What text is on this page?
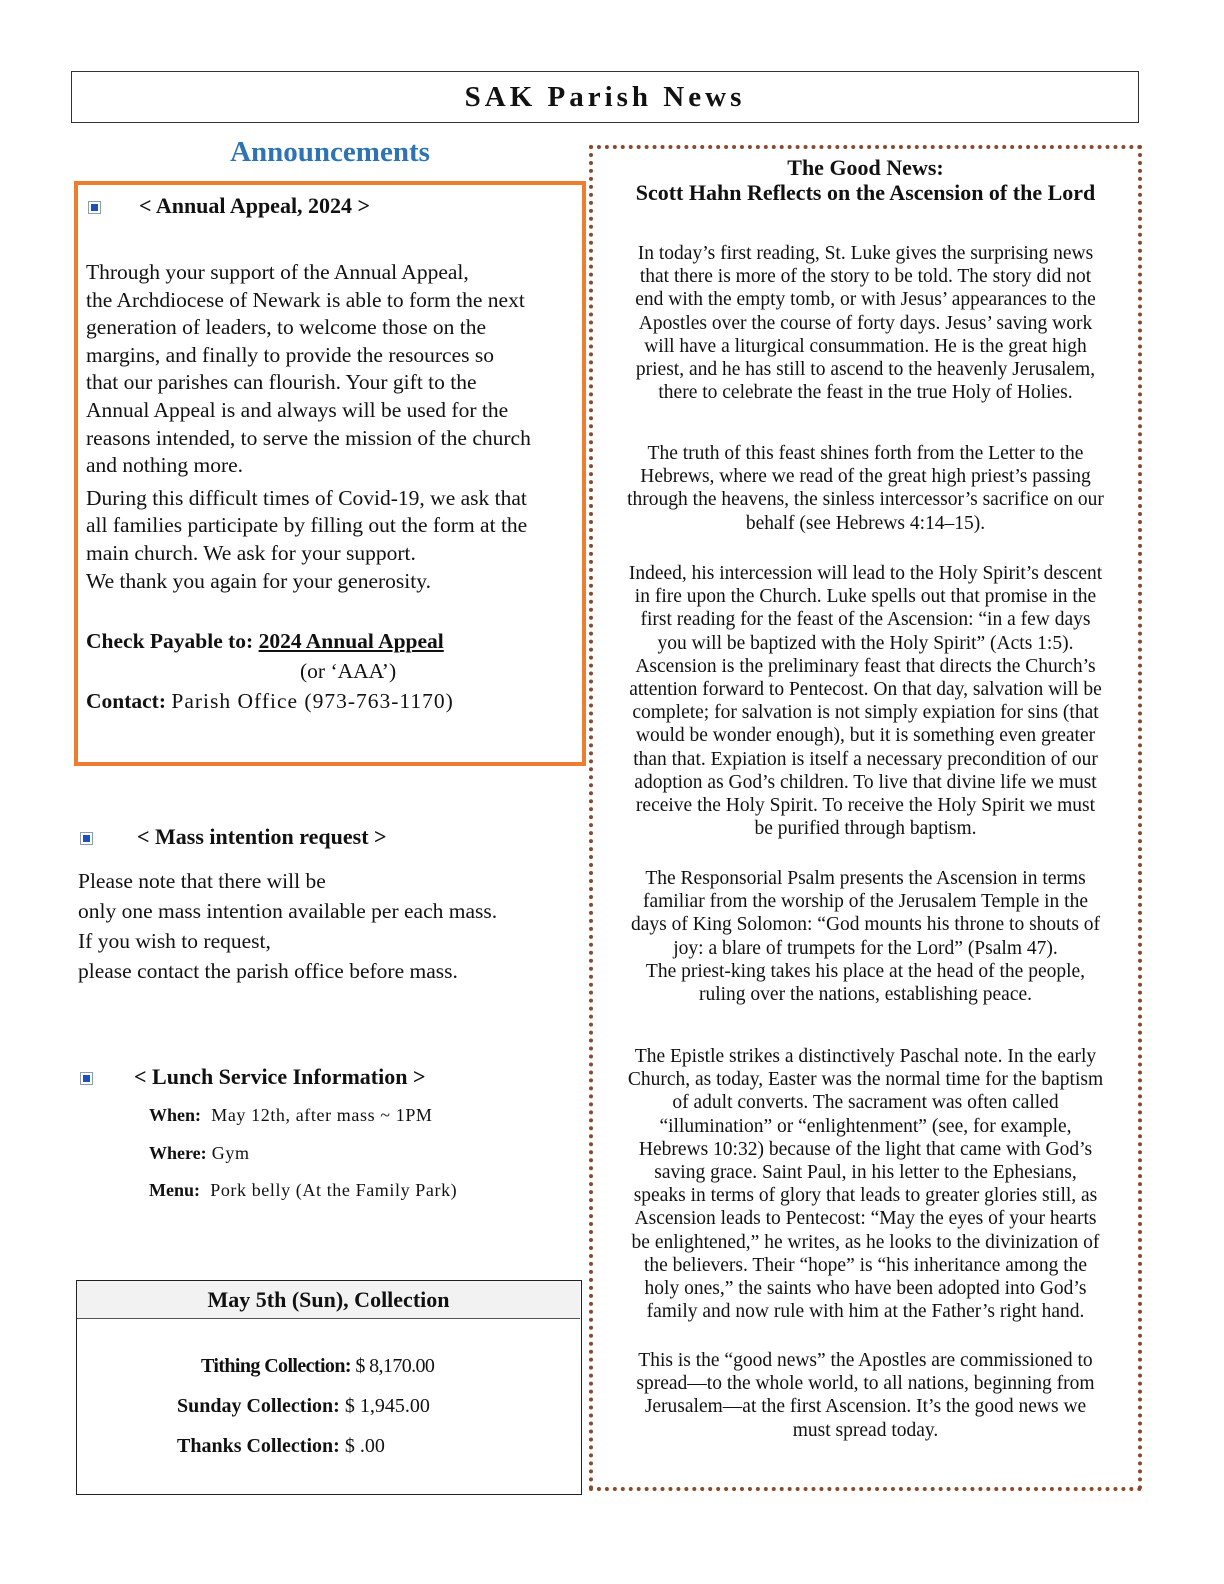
SAK Parish News
Announcements
< Annual Appeal, 2024 >

Through your support of the Annual Appeal,

the Archdiocese of Newark is able to form the next

generation of leaders, to welcome those on the

margins, and finally to provide the resources so

that our parishes can flourish. Your gift to the

Annual Appeal is and always will be used for the

reasons intended, to serve the mission of the church

and nothing more.

During this difficult times of Covid-19, we ask that

all families participate by filling out the form at the

main church. We ask for your support.

We thank you again for your generosity.

Check Payable to: 2024 Annual Appeal
(or ‘AAA’)
Contact: Parish Office (973-763-1170)
< Mass intention request >
Please note that there will be
only one mass intention available per each mass.
If you wish to request,
please contact the parish office before mass.
< Lunch Service Information >
When: May 12th, after mass ~ 1PM
Where: Gym
Menu: Pork belly (At the Family Park)
May 5th (Sun), Collection
Tithing Collection: $ 8,170.00
Sunday Collection: $ 1,945.00
Thanks Collection: $ .00
The Good News:
Scott Hahn Reflects on the Ascension of the Lord
In today’s first reading, St. Luke gives the surprising news
that there is more of the story to be told. The story did not
end with the empty tomb, or with Jesus’ appearances to the
Apostles over the course of forty days. Jesus’ saving work
will have a liturgical consummation. He is the great high
priest, and he has still to ascend to the heavenly Jerusalem,
there to celebrate the feast in the true Holy of Holies.
The truth of this feast shines forth from the Letter to the
Hebrews, where we read of the great high priest’s passing
through the heavens, the sinless intercessor’s sacrifice on our
behalf (see Hebrews 4:14–15).
Indeed, his intercession will lead to the Holy Spirit’s descent
in fire upon the Church. Luke spells out that promise in the
first reading for the feast of the Ascension: “in a few days
you will be baptized with the Holy Spirit” (Acts 1:5).
Ascension is the preliminary feast that directs the Church’s
attention forward to Pentecost. On that day, salvation will be
complete; for salvation is not simply expiation for sins (that
would be wonder enough), but it is something even greater
than that. Expiation is itself a necessary precondition of our
adoption as God’s children. To live that divine life we must
receive the Holy Spirit. To receive the Holy Spirit we must
be purified through baptism.
The Responsorial Psalm presents the Ascension in terms
familiar from the worship of the Jerusalem Temple in the
days of King Solomon: “God mounts his throne to shouts of
joy: a blare of trumpets for the Lord” (Psalm 47).
The priest-king takes his place at the head of the people,
ruling over the nations, establishing peace.
The Epistle strikes a distinctively Paschal note. In the early
Church, as today, Easter was the normal time for the baptism
of adult converts. The sacrament was often called
“illumination” or “enlightenment” (see, for example,
Hebrews 10:32) because of the light that came with God’s
saving grace. Saint Paul, in his letter to the Ephesians,
speaks in terms of glory that leads to greater glories still, as
Ascension leads to Pentecost: “May the eyes of your hearts
be enlightened,” he writes, as he looks to the divinization of
the believers. Their “hope” is “his inheritance among the
holy ones,” the saints who have been adopted into God’s
family and now rule with him at the Father’s right hand.
This is the “good news” the Apostles are commissioned to
spread—to the whole world, to all nations, beginning from
Jerusalem—at the first Ascension. It’s the good news we
must spread today.
